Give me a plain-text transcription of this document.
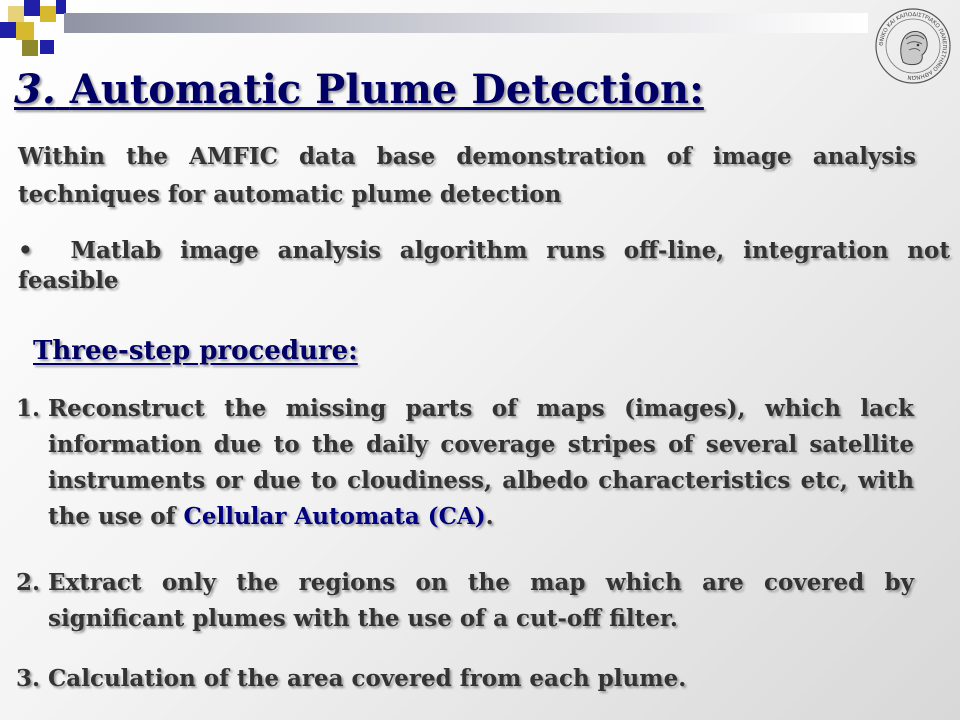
ΘΝΙΚΟ ΚΑΙ ΚΑΠΟΔΙΣΤΡΙΑΚΟ ΠΑΝΕΠΙΣΤΗΜΙΟ ΑΘΗΝΩΝ
3. Automatic Plume Detection:

Within the AMFIC data base demonstration of image analysis techniques for automatic plume detection

• Matlab image analysis algorithm runs off-line, integration not feasible

Three-step procedure:
1. Reconstruct the missing parts of maps (images), which lack information due to the daily coverage stripes of several satellite instruments or due to cloudiness, albedo characteristics etc, with the use of Cellular Automata (CA).
2. Extract only the regions on the map which are covered by significant plumes with the use of a cut-off filter.
3. Calculation of the area covered from each plume.
